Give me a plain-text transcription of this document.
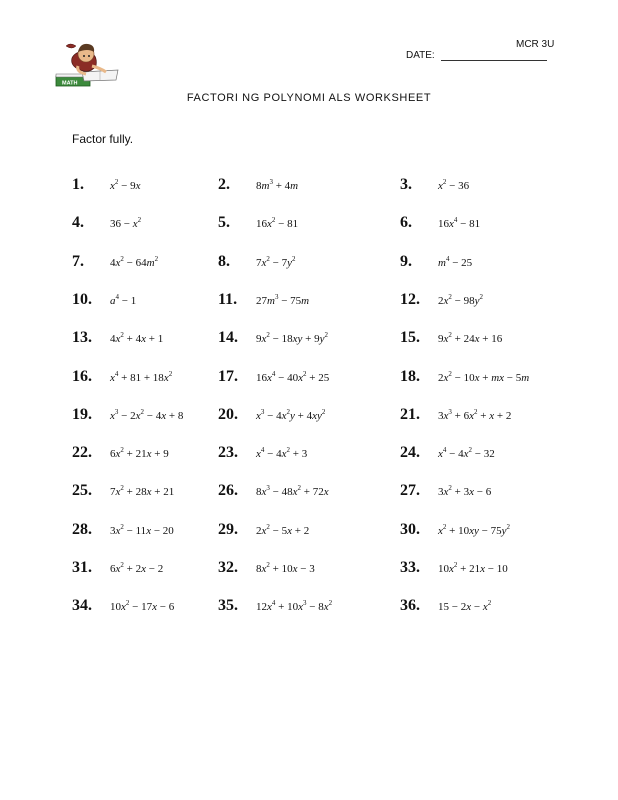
MCR 3U
DATE:
MATH
FACTORI NG POLYNOMI ALS WORKSHEET
Factor fully.
1.	$x^2 - 9x$	2.	$8m^3 + 4m$	3.	$x^2 - 36$
4.	$36 - x^2$	5.	$16x^2 - 81$	6.	$16x^4 - 81$
7.	$4x^2 - 64m^2$	8.	$7x^2 - 7y^2$	9.	$m^4 - 25$
10.	$a^4 - 1$	11.	$27m^3 - 75m$	12.	$2x^2 - 98y^2$
13.	$4x^2 + 4x + 1$	14.	$9x^2 - 18xy + 9y^2$	15.	$9x^2 + 24x + 16$
16.	$x^4 + 81 + 18x^2$	17.	$16x^4 - 40x^2 + 25$	18.	$2x^2 - 10x$ + mx − 5m
19.	$x^3 - 2x^2 - 4x + 8$ 20.	$x^3 - 4x^2y + 4xy^2$	21.	$3x^3 + 6x^2 + x + 2$
22.	$6x^2 + 21x + 9$	23.	$x^4 - 4x^2 + 3$	24.	$x^4 - 4x^2 - 32$
25.	$7x^2 + 28x + 21$	26.	$8x^3 - 48x^2 + 72x$	27.	$3x^2 + 3x - 6$
28.	$3x^2 - 11x - 20$	29.	$2x^2 - 5x + 2$	30.	$x^2 + 10xy - 75y^2$
31.	$6x^2 + 2x - 2$	32.	$8x^2 + 10x - 3$	33.	$10x^2 + 21x - 10$
34.	$10x^2 - 17x - 6$	35.	$12x^4 + 10x^3 - 8x^2$	36.	$15 - 2x - x^2$
